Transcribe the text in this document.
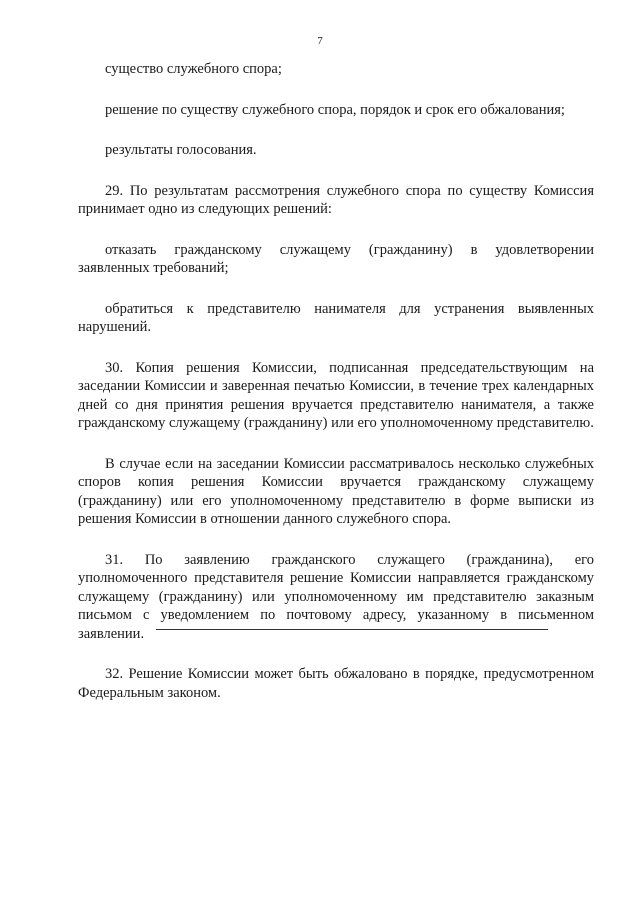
7

существо служебного спора;

решение по существу служебного спора, порядок и срок его обжалования;

результаты голосования.

29. По результатам рассмотрения служебного спора по существу Комиссия принимает одно из следующих решений:

отказать гражданскому служащему (гражданину) в удовлетворении заявленных требований;

обратиться к представителю нанимателя для устранения выявленных нарушений.

30. Копия решения Комиссии, подписанная председательствующим на заседании Комиссии и заверенная печатью Комиссии, в течение трех календарных дней со дня принятия решения вручается представителю нанимателя, а также гражданскому служащему (гражданину) или его уполномоченному представителю.

В случае если на заседании Комиссии рассматривалось несколько служебных споров копия решения Комиссии вручается гражданскому служащему (гражданину) или его уполномоченному представителю в форме выписки из решения Комиссии в отношении данного служебного спора.

31. По заявлению гражданского служащего (гражданина), его уполномоченного представителя решение Комиссии направляется гражданскому служащему (гражданину) или уполномоченному им представителю заказным письмом с уведомлением по почтовому адресу, указанному в письменном заявлении.

32. Решение Комиссии может быть обжаловано в порядке, предусмотренном Федеральным законом.
